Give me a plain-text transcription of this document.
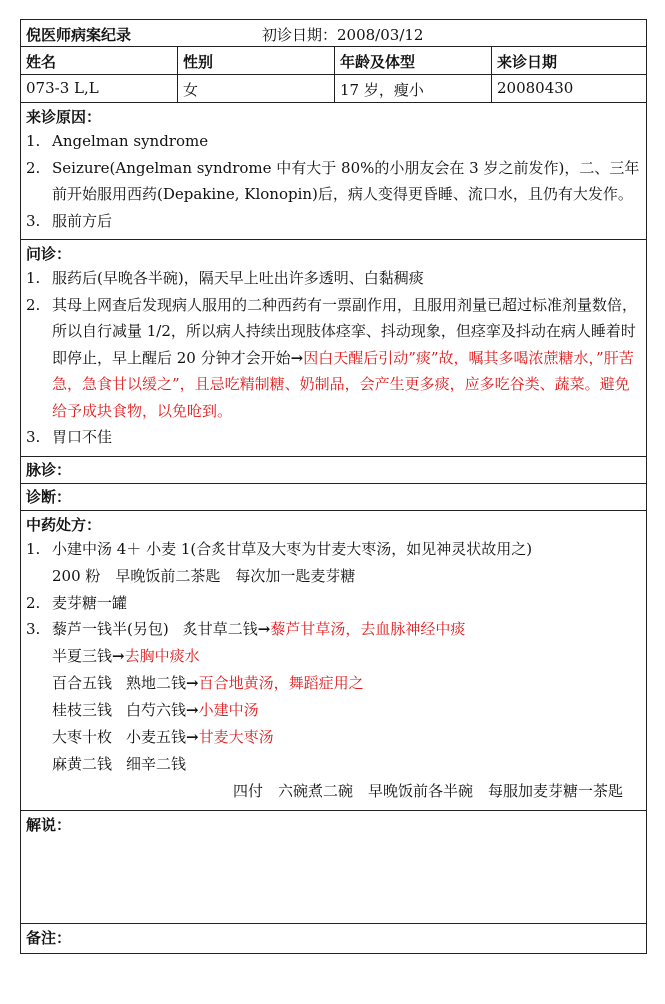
倪医师病案纪录	初诊日期：2008/03/12
姓名	性别	年龄及体型	来诊日期
073-3 L,L	女	17 岁，瘦小	20080430
来诊原因：
1. Angelman syndrome
2. Seizure(Angelman syndrome 中有大于 80%的小朋友会在 3 岁之前发作)，二、三年前开始服用西药(Depakine, Klonopin)后，病人变得更昏睡、流口水，且仍有大发作。
3. 服前方后
问诊：
1. 服药后(早晚各半碗)，隔天早上吐出许多透明、白黏稠痰
2. 其母上网查后发现病人服用的二种西药有一票副作用，且服用剂量已超过标准剂量数倍，所以自行减量 1/2，所以病人持续出现肢体痉挛、抖动现象，但痉挛及抖动在病人睡着时即停止，早上醒后 20 分钟才会开始→因白天醒后引动”痰”故，嘱其多喝浓蔗糖水，”肝苦急，急食甘以缓之”，且忌吃精制糖、奶制品，会产生更多痰，应多吃谷类、蔬菜。避免给予成块食物，以免呛到。
3. 胃口不佳
脉诊：
诊断：
中药处方：
1. 小建中汤 4＋ 小麦 1(合炙甘草及大枣为甘麦大枣汤，如见神灵状故用之)
200 粉　早晚饭前二茶匙　每次加一匙麦芽糖
2. 麦芽糖一罐
3. 藜芦一钱半(另包) 炙甘草二钱→藜芦甘草汤，去血脉神经中痰
半夏三钱→去胸中痰水
百合五钱 熟地二钱→百合地黄汤，舞蹈症用之
桂枝三钱 白芍六钱→小建中汤
大枣十枚 小麦五钱→甘麦大枣汤
麻黄二钱 细辛二钱
四付　六碗煮二碗　早晚饭前各半碗　每服加麦芽糖一茶匙
解说：
备注：
